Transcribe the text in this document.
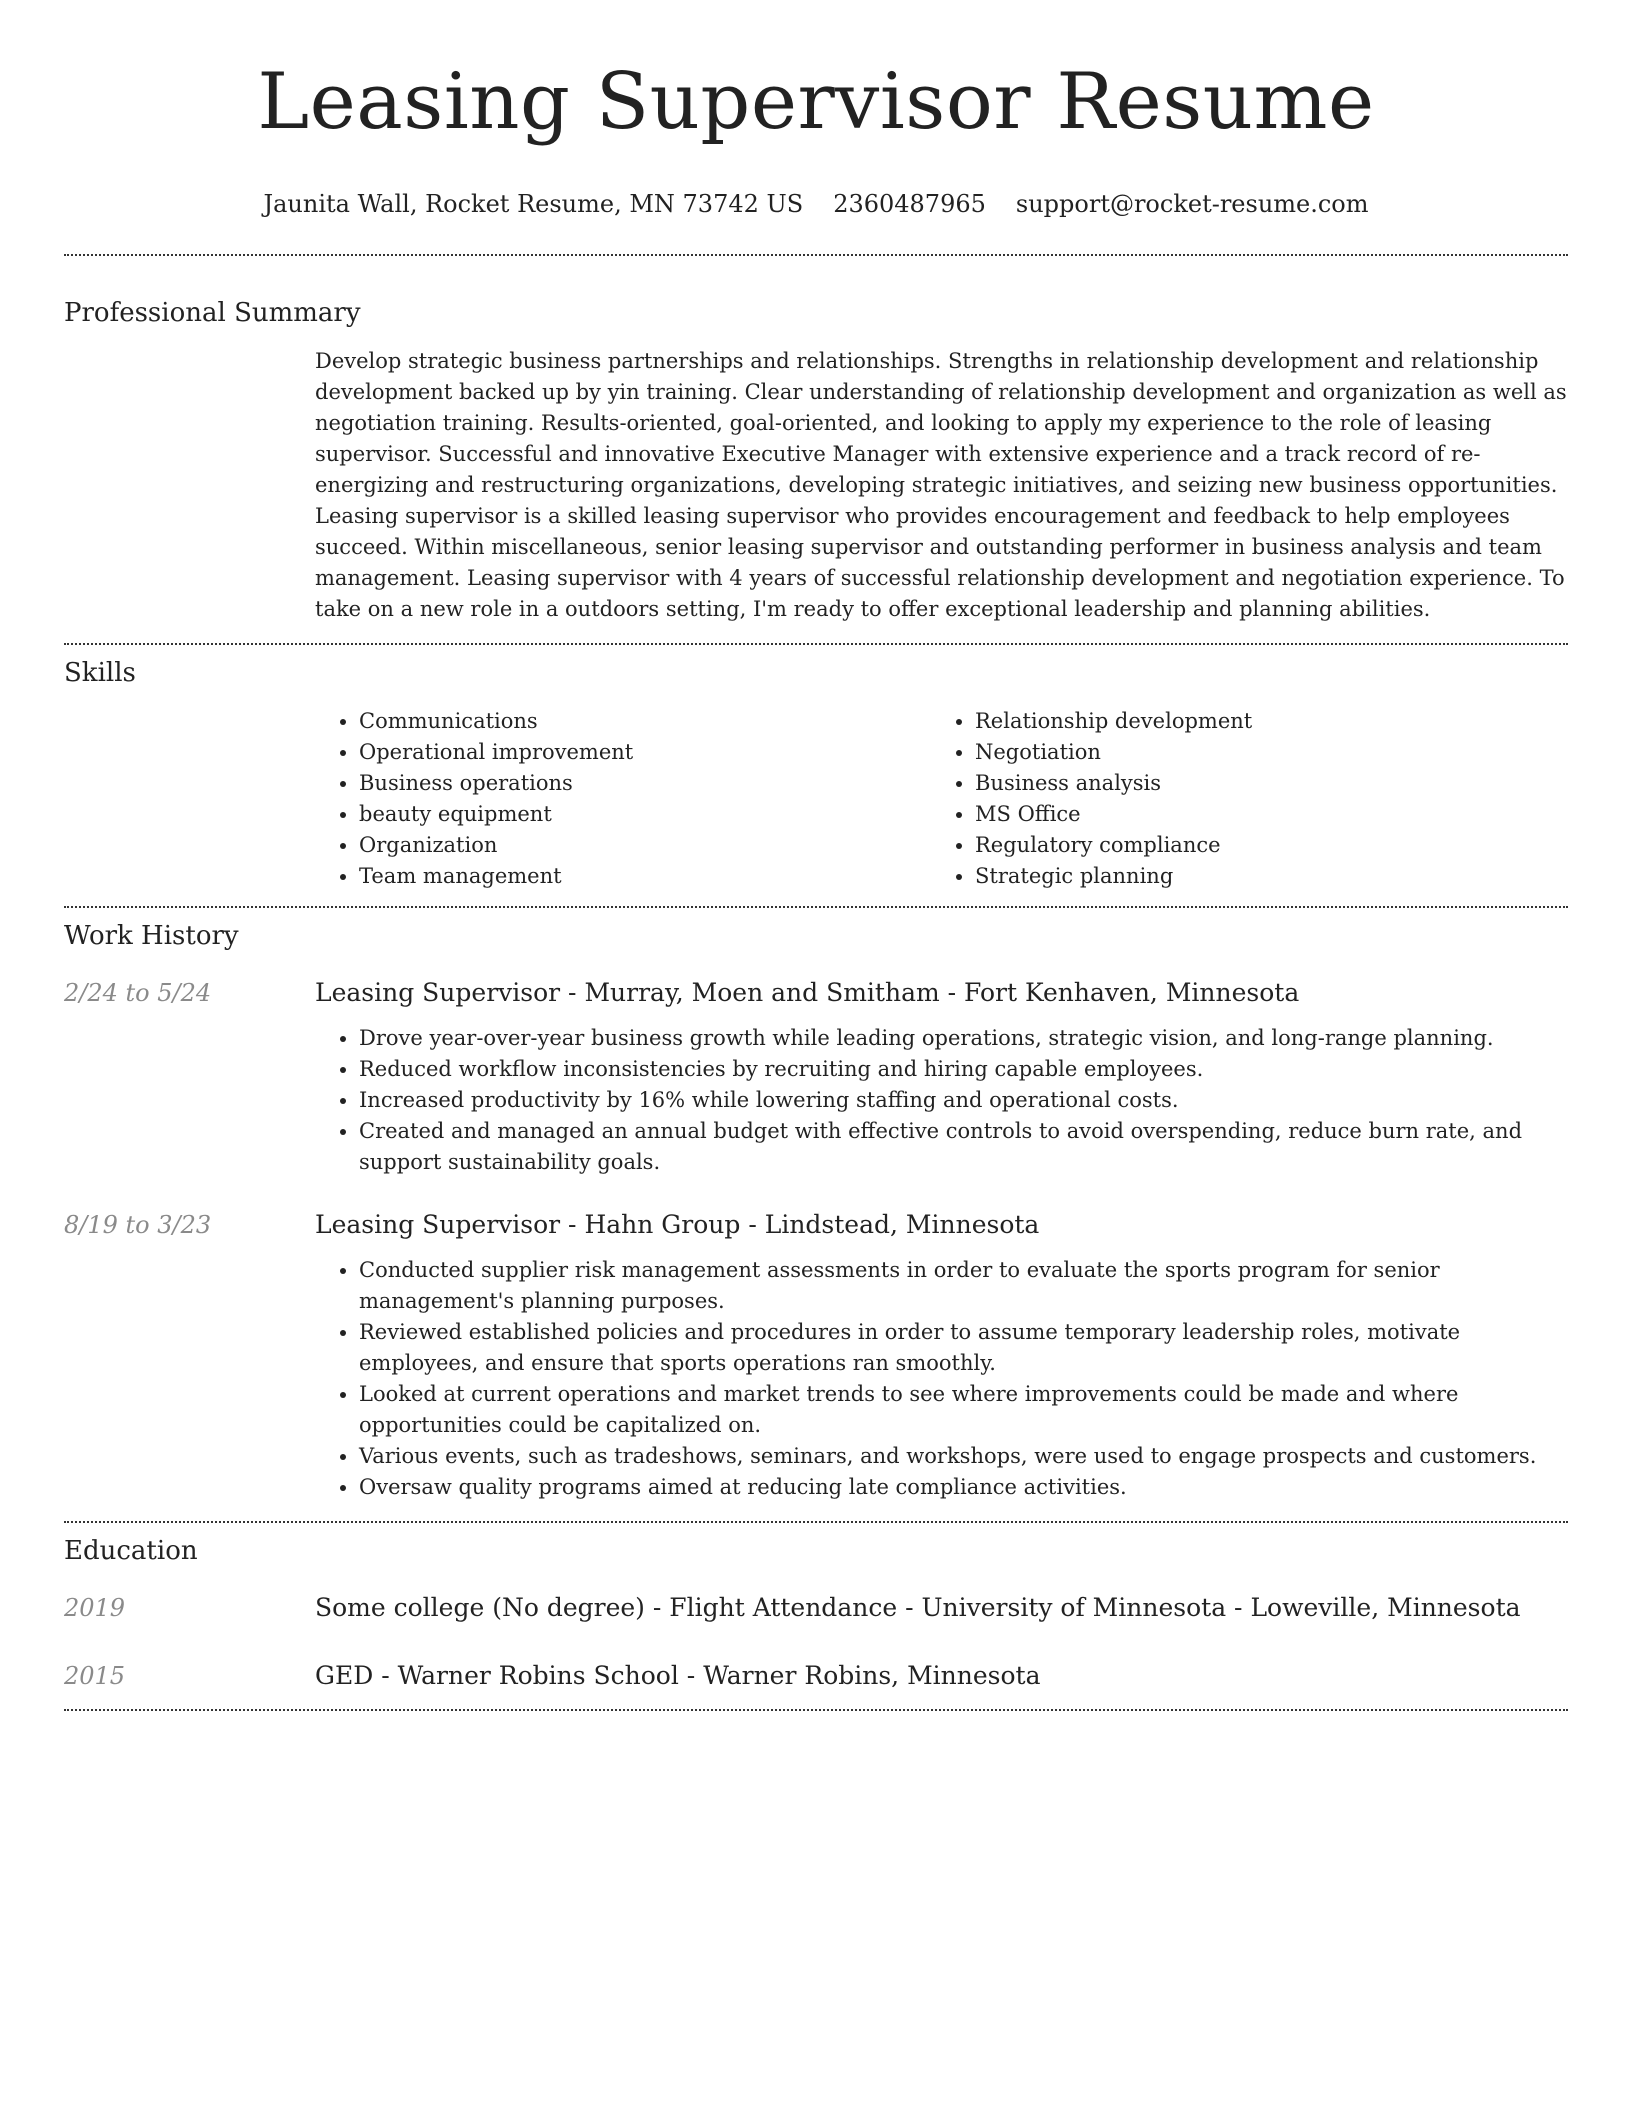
Leasing Supervisor Resume
Jaunita Wall, Rocket Resume, MN 73742 US 2360487965 support@rocket-resume.com
Professional Summary

Develop strategic business partnerships and relationships. Strengths in relationship development and relationship development backed up by yin training. Clear understanding of relationship development and organization as well as negotiation training. Results-oriented, goal-oriented, and looking to apply my experience to the role of leasing supervisor. Successful and innovative Executive Manager with extensive experience and a track record of re-energizing and restructuring organizations, developing strategic initiatives, and seizing new business opportunities. Leasing supervisor is a skilled leasing supervisor who provides encouragement and feedback to help employees succeed. Within miscellaneous, senior leasing supervisor and outstanding performer in business analysis and team management. Leasing supervisor with 4 years of successful relationship development and negotiation experience. To take on a new role in a outdoors setting, I'm ready to offer exceptional leadership and planning abilities.

Skills
• Communications
• Operational improvement
• Business operations
• beauty equipment
• Organization
• Team management
• Relationship development
• Negotiation
• Business analysis
• MS Office
• Regulatory compliance
• Strategic planning
Work History
2/24 to 5/24	Leasing Supervisor - Murray, Moen and Smitham - Fort Kenhaven, Minnesota
• Drove year-over-year business growth while leading operations, strategic vision, and long-range planning.
• Reduced workflow inconsistencies by recruiting and hiring capable employees.
• Increased productivity by 16% while lowering staffing and operational costs.
• Created and managed an annual budget with effective controls to avoid overspending, reduce burn rate, and support sustainability goals.
8/19 to 3/23	Leasing Supervisor - Hahn Group - Lindstead, Minnesota
• Conducted supplier risk management assessments in order to evaluate the sports program for senior management's planning purposes.
• Reviewed established policies and procedures in order to assume temporary leadership roles, motivate employees, and ensure that sports operations ran smoothly.
• Looked at current operations and market trends to see where improvements could be made and where opportunities could be capitalized on.
• Various events, such as tradeshows, seminars, and workshops, were used to engage prospects and customers.
• Oversaw quality programs aimed at reducing late compliance activities.
Education
2019	Some college (No degree) - Flight Attendance - University of Minnesota - Loweville, Minnesota
2015	GED - Warner Robins School - Warner Robins, Minnesota
